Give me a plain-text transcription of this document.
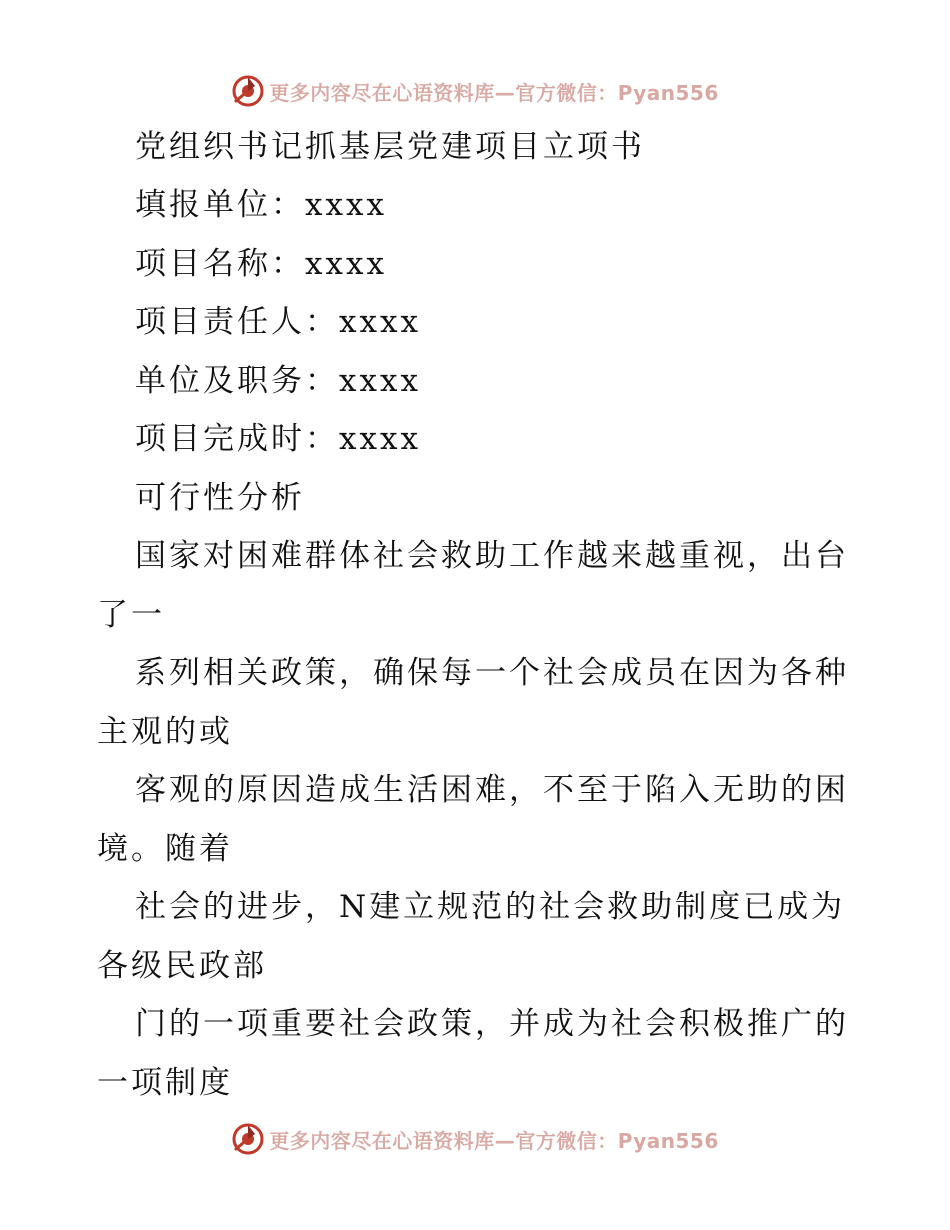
更多内容尽在心语资料库—官方微信：Pyan556
党组织书记抓基层党建项目立项书
填报单位：xxxx
项目名称：xxxx
项目责任人：xxxx
单位及职务：xxxx
项目完成时：xxxx
可行性分析
国家对困难群体社会救助工作越来越重视，出台
了一
系列相关政策，确保每一个社会成员在因为各种
主观的或
客观的原因造成生活困难，不至于陷入无助的困
境。随着
社会的进步，N建立规范的社会救助制度已成为
各级民政部
门的一项重要社会政策，并成为社会积极推广的
一项制度
更多内容尽在心语资料库—官方微信：Pyan556
